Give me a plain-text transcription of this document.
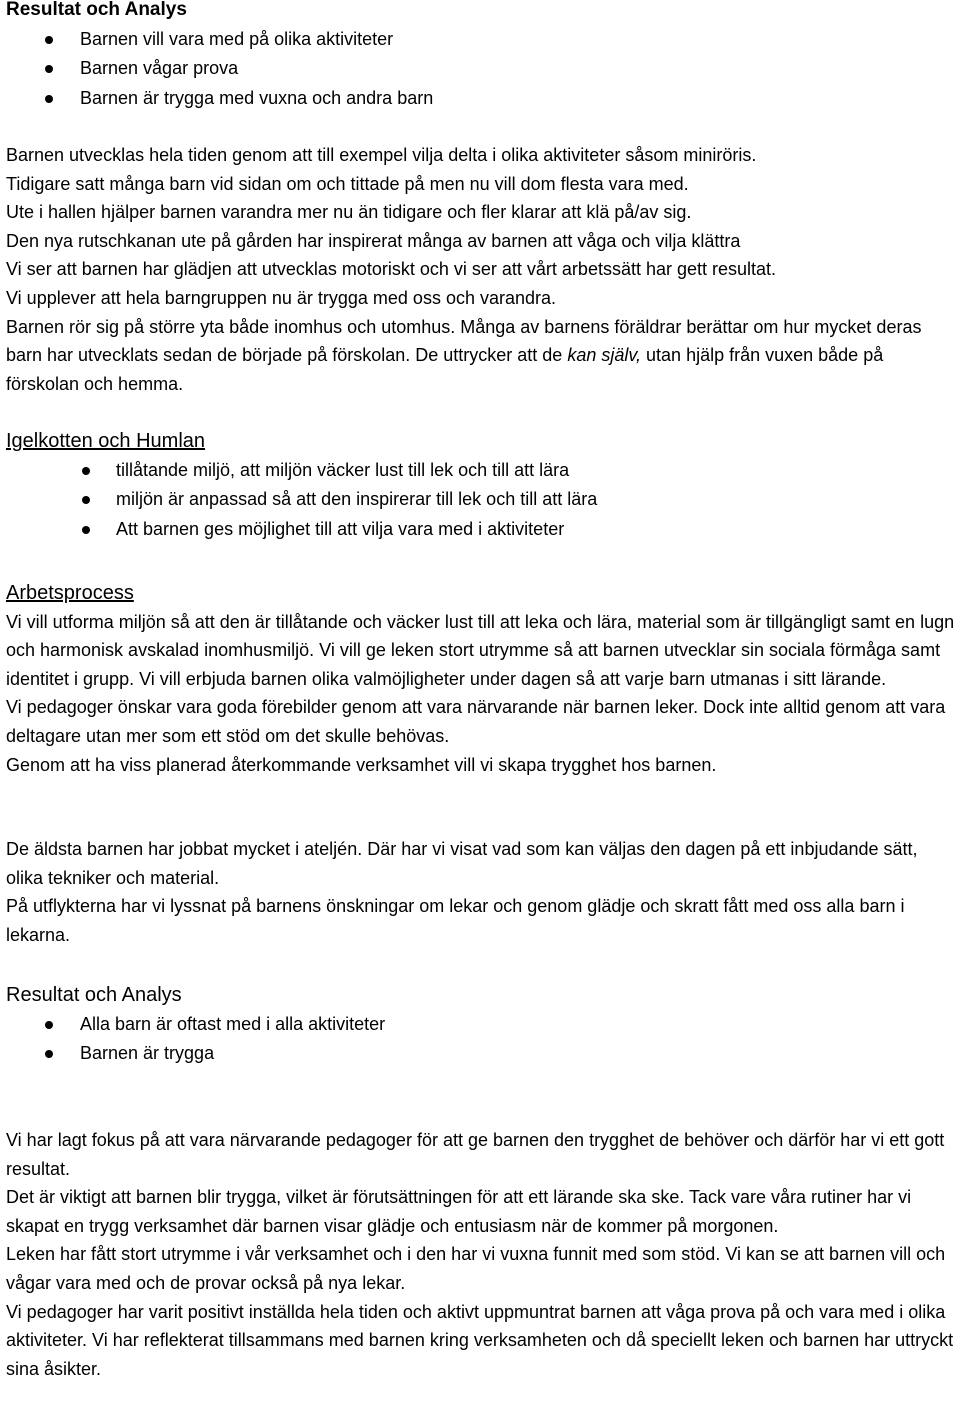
Resultat och Analys

Barnen vill vara med på olika aktiviteter
Barnen vågar prova
Barnen är trygga med vuxna och andra barn

Barnen utvecklas hela tiden genom att till exempel vilja delta i olika aktiviteter såsom miniröris.

Tidigare satt många barn vid sidan om och tittade på men nu vill dom flesta vara med.

Ute i hallen hjälper barnen varandra mer nu än tidigare och fler klarar att klä på/av sig.

Den nya rutschkanan ute på gården har inspirerat många av barnen att våga och vilja klättra

Vi ser att barnen har glädjen att utvecklas motoriskt och vi ser att vårt arbetssätt har gett resultat.

Vi upplever att hela barngruppen nu är trygga med oss och varandra.

Barnen rör sig på större yta både inomhus och utomhus. Många av barnens föräldrar berättar om hur mycket deras barn har utvecklats sedan de började på förskolan. De uttrycker att de kan själv, utan hjälp från vuxen både på förskolan och hemma.

Igelkotten och Humlan

tillåtande miljö, att miljön väcker lust till lek och till att lära
miljön är anpassad så att den inspirerar till lek och till att lära
Att barnen ges möjlighet till att vilja vara med i aktiviteter

Arbetsprocess

Vi vill utforma miljön så att den är tillåtande och väcker lust till att leka och lära, material som är tillgängligt samt en lugn och harmonisk avskalad inomhusmiljö. Vi vill ge leken stort utrymme så att barnen utvecklar sin sociala förmåga samt identitet i grupp. Vi vill erbjuda barnen olika valmöjligheter under dagen så att varje barn utmanas i sitt lärande.

Vi pedagoger önskar vara goda förebilder genom att vara närvarande när barnen leker. Dock inte alltid genom att vara deltagare utan mer som ett stöd om det skulle behövas.

Genom att ha viss planerad återkommande verksamhet vill vi skapa trygghet hos barnen.

De äldsta barnen har jobbat mycket i ateljén. Där har vi visat vad som kan väljas den dagen på ett inbjudande sätt, olika tekniker och material.

På utflykterna har vi lyssnat på barnens önskningar om lekar och genom glädje och skratt fått med oss alla barn i lekarna.

Resultat och Analys

Alla barn är oftast med i alla aktiviteter
Barnen är trygga

Vi har lagt fokus på att vara närvarande pedagoger för att ge barnen den trygghet de behöver och därför har vi ett gott resultat.

Det är viktigt att barnen blir trygga, vilket är förutsättningen för att ett lärande ska ske. Tack vare våra rutiner har vi skapat en trygg verksamhet där barnen visar glädje och entusiasm när de kommer på morgonen.

Leken har fått stort utrymme i vår verksamhet och i den har vi vuxna funnit med som stöd. Vi kan se att barnen vill och vågar vara med och de provar också på nya lekar.

Vi pedagoger har varit positivt inställda hela tiden och aktivt uppmuntrat barnen att våga prova på och vara med i olika aktiviteter. Vi har reflekterat tillsammans med barnen kring verksamheten och då speciellt leken och barnen har uttryckt sina åsikter.
